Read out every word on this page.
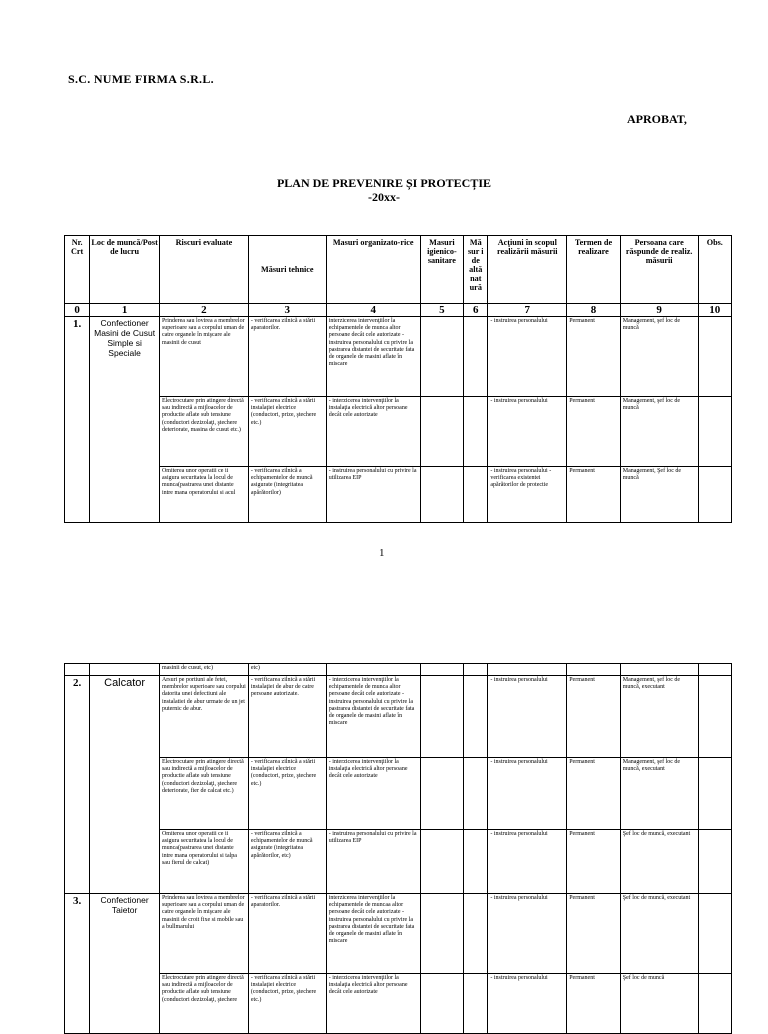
S.C. NUME FIRMA S.R.L.
APROBAT,
PLAN DE PREVENIRE ȘI PROTECȚIE
-20xx-
Nr. Crt	Loc de muncă/Post de lucru	Riscuri evaluate	Măsuri tehnice	Masuri organizato-rice	Masuri igienico-sanitare	Mă sur i de altă nat ură	Acţiuni în scopul realizării măsurii	Termen de realizare	Persoana care răspunde de realiz. măsurii	Obs.
0	1	2	3	4	5	6	7	8	9	10
1.	Confectioner Masini de Cusut Simple si Speciale	Prinderea sau lovirea a membrelor superioare sau a corpului uman de catre organele în mişcare ale masinii de cusut	- verificarea zilnică a stării aparatorilor.	interzicerea intervenţiilor la echipamentele de munca altor persoane decât cele autorizate -instruirea personalului cu privire la pastrarea distantei de securitate fata de organele de masini aflate în miscare			- instruirea personalului	Permanent	Management, şef loc de muncă	
		Electrocutare prin atingere directă sau indirectă a mijloacelor de productie aflate sub tensiune (conductori dezizolaţi, ştechere deteriorate, masina de cusut etc.)	- verificarea zilnică a stării instalaţiei electrice (conductori, prize, ştechere etc.)	- interzicerea intervenţiilor la instalaţia electrică altor persoane decât cele autorizate			- instruirea personalului	Permanent	Management, şef loc de muncă	
		Omiterea unor operatii ce ii asigura securitatea la locul de munca(pastrarea unei distante intre mana operatorului si acul	- verificarea zilnică a echipamentelor de muncă asigurate (integritatea apărătorilor)	- instruirea personalului cu privire la utilizarea EIP			- instruirea personalului - verificarea existentei apărătorilor de protectie	Permanent	Management, Şef loc de muncă	
1
		masinii de cusut, etc)	etc)							
2.	Calcator	Arsuri pe portiuni ale fetei, membrelor superioare sau corpului datorita unei defectiuni ale instalatiei de abur urmate de un jet puternic de abur.	- verificarea zilnică a stării instalaţiei de abur de catre persoane autorizate.	- interzicerea intervenţiilor la echipamentele de munca altor persoane decât cele autorizate -instruirea personalului cu privire la pastrarea distantei de securitate fata de organele de masini aflate în miscare			- instruirea personalului	Permanent	Management, şef loc de muncă, executant	
		Electrocutare prin atingere directă sau indirectă a mijloacelor de productie aflate sub tensiune (conductori dezizolaţi, ştechere deteriorate, fier de calcat etc.)	- verificarea zilnică a stării instalaţiei electrice (conductori, prize, ştechere etc.)	- interzicerea intervenţiilor la instalaţia electrică altor persoane decât cele autorizate			- instruirea personalului	Permanent	Management, şef loc de muncă, executant	
		Omiterea unor operatii ce ii asigura securitatea la locul de munca(pastrarea unei distante intre mana operatorului si talpa sau fierul de calcat)	- verificarea zilnică a echipamentelor de muncă asigurate (integritatea apărătorilor, etc)	- instruirea personalului cu privire la utilizarea EIP			- instruirea personalului	Permanent	Şef loc de muncă, executant	
3.	Confectioner Taietor	Prinderea sau lovirea a membrelor superioare sau a corpului uman de catre organele în mişcare ale masinii de croit fixe si mobile sau a bullmarului	- verificarea zilnică a stării aparatorilor.	interzicerea intervenţiilor la echipamentele de muncaa altor persoane decât cele autorizate -instruirea personalului cu privire la pastrarea distantei de securitate fata de organele de masini aflate în miscare			- instruirea personalului	Permanent	Şef loc de muncă, executant	
		Electrocutare prin atingere directă sau indirectă a mijloacelor de productie aflate sub tensiune (conductori dezizolaţi, ştechere	- verificarea zilnică a stării instalaţiei electrice (conductori, prize, ştechere etc.)	- interzicerea intervenţiilor la instalaţia electrică altor persoane decât cele autorizate			- instruirea personalului	Permanent	Şef loc de muncă	
